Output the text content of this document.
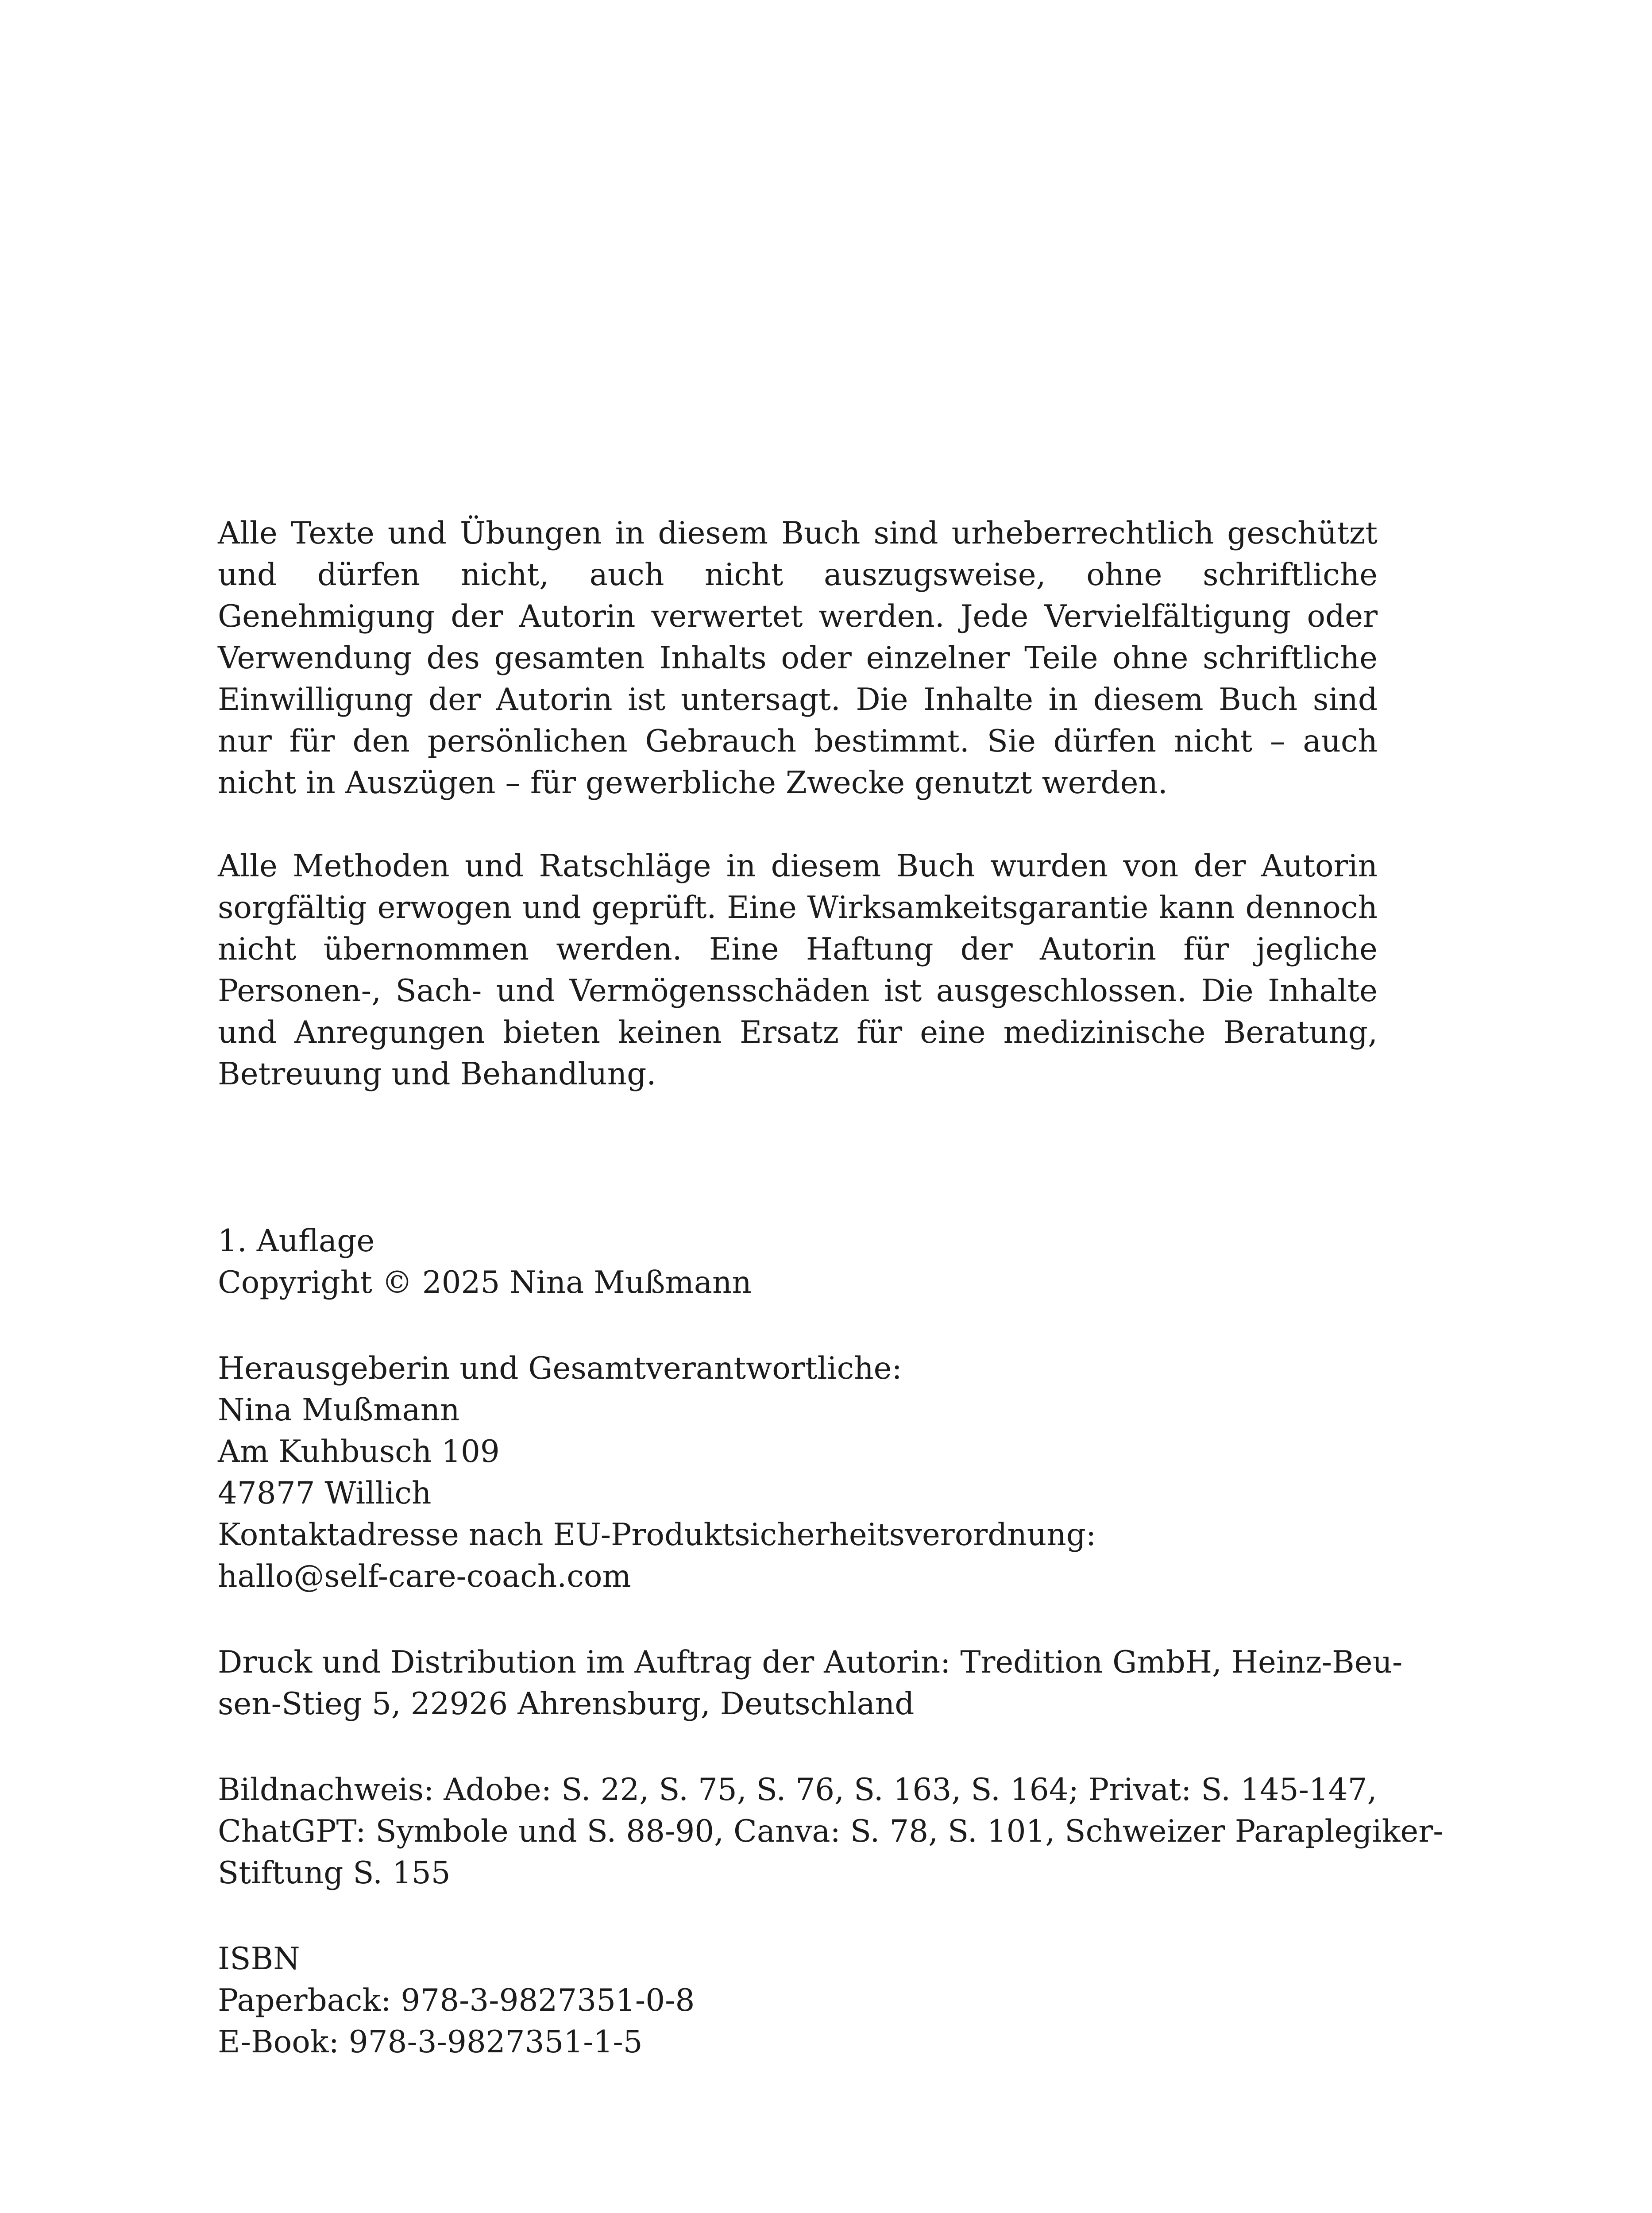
Alle Texte und Übungen in diesem Buch sind urheberrechtlich geschützt und dürfen nicht, auch nicht auszugsweise, ohne schriftliche Genehmigung der Autorin verwertet werden. Jede Vervielfältigung oder Verwendung des gesamten Inhalts oder einzelner Teile ohne schriftliche Einwilligung der Autorin ist untersagt. Die Inhalte in diesem Buch sind nur für den persönlichen Gebrauch bestimmt. Sie dürfen nicht – auch nicht in Auszügen – für gewerbliche Zwecke genutzt werden.

Alle Methoden und Ratschläge in diesem Buch wurden von der Autorin sorgfältig erwogen und geprüft. Eine Wirksamkeitsgarantie kann dennoch nicht übernommen werden. Eine Haftung der Autorin für jegliche Personen-, Sach- und Vermögensschäden ist ausgeschlossen. Die Inhalte und Anregungen bieten keinen Ersatz für eine medizinische Beratung, Betreuung und Behandlung.

1. Auflage
Copyright © 2025 Nina Mußmann
Herausgeberin und Gesamtverantwortliche:
Nina Mußmann
Am Kuhbusch 109
47877 Willich
Kontaktadresse nach EU-Produktsicherheitsverordnung:
hallo@self-care-coach.com
Druck und Distribution im Auftrag der Autorin: Tredition GmbH, Heinz-Beu-
sen-Stieg 5, 22926 Ahrensburg, Deutschland
Bildnachweis: Adobe: S. 22, S. 75, S. 76, S. 163, S. 164; Privat: S. 145-147,
ChatGPT: Symbole und S. 88-90, Canva: S. 78, S. 101, Schweizer Paraplegiker-
Stiftung S. 155
ISBN
Paperback: 978-3-9827351-0-8
E-Book: 978-3-9827351-1-5
